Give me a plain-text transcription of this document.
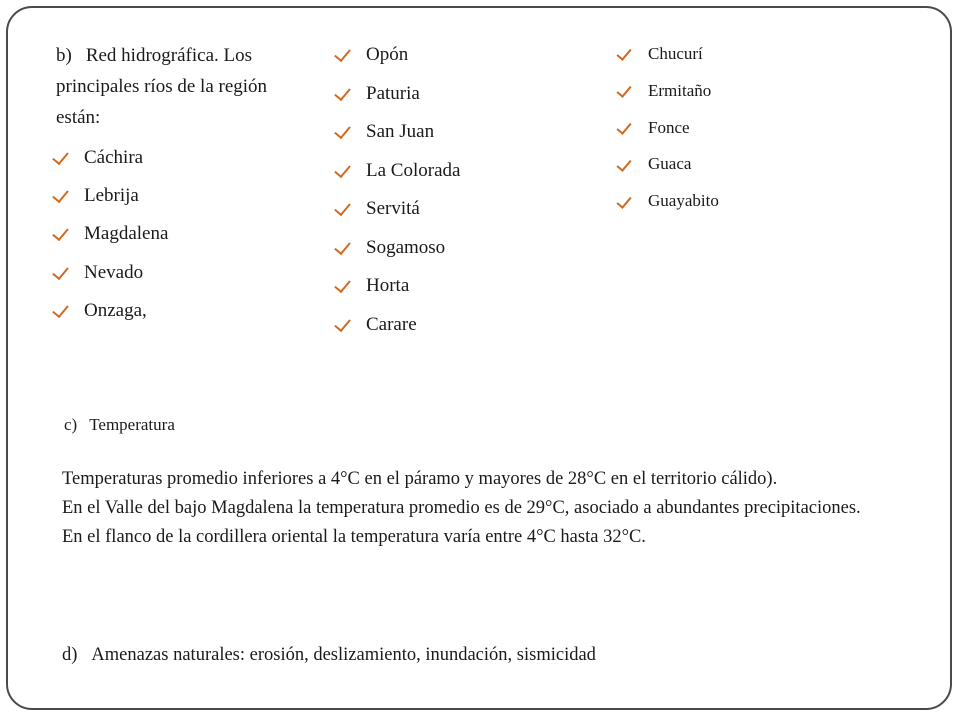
b) Red hidrográfica. Los principales ríos de la región están:
Cáchira
Lebrija
Magdalena
Nevado
Onzaga,
Opón
Paturia
San Juan
La Colorada
Servitá
Sogamoso
Horta
Carare
Chucurí
Ermitaño
Fonce
Guaca
Guayabito
c) Temperatura

Temperaturas promedio inferiores a 4°C en el páramo y mayores de 28°C en el territorio cálido).

En el Valle del bajo Magdalena la temperatura promedio es de 29°C, asociado a abundantes precipitaciones.

En el flanco de la cordillera oriental la temperatura varía entre 4°C hasta 32°C.

d) Amenazas naturales: erosión, deslizamiento, inundación, sismicidad
